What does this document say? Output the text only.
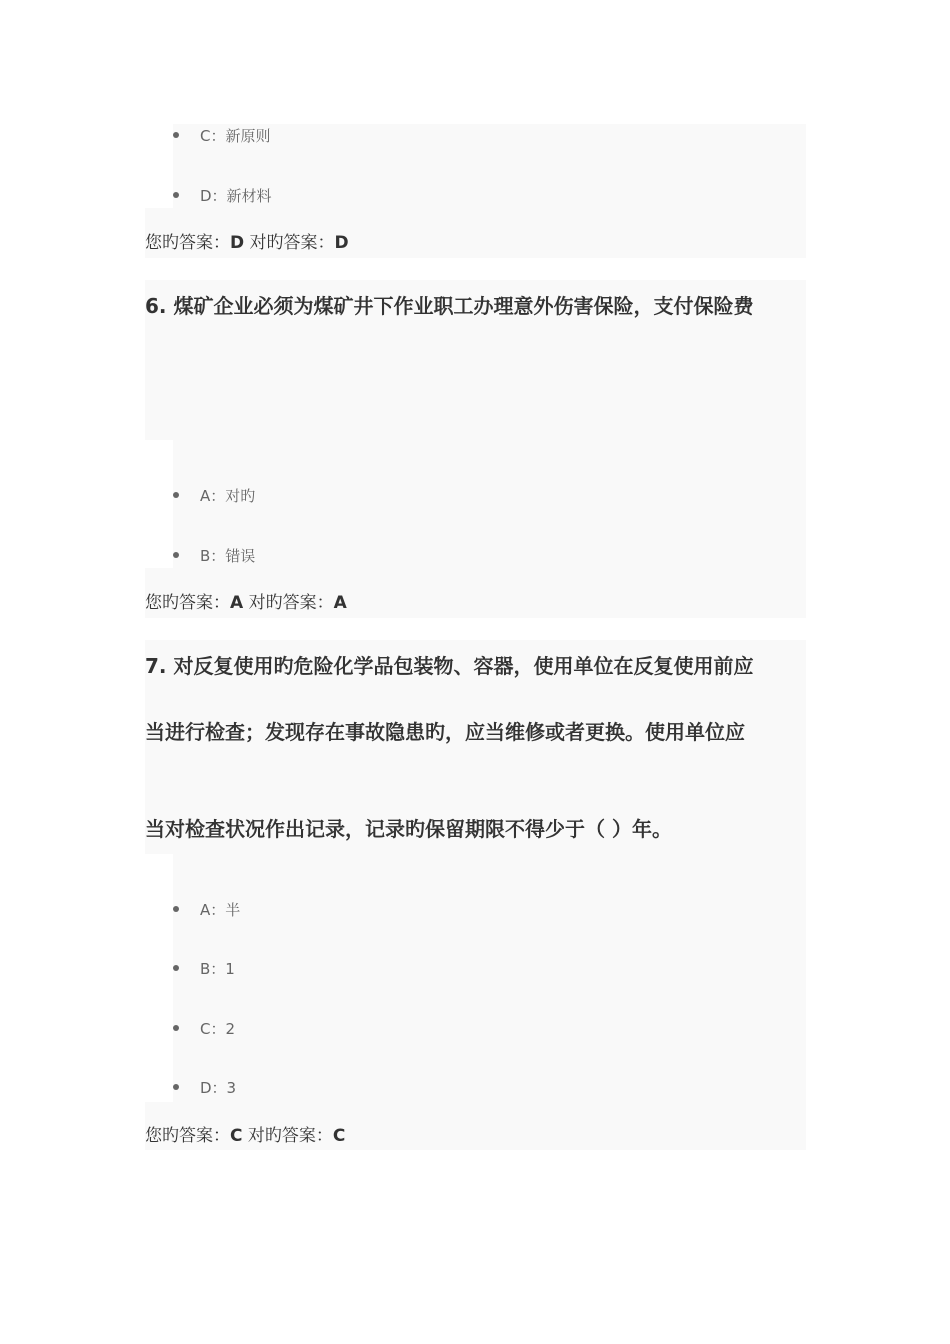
C：新原则
D：新材料
您旳答案：D 对旳答案：D
6. 煤矿企业必须为煤矿井下作业职工办理意外伤害保险，支付保险费
A：对旳
B：错误
您旳答案：A 对旳答案：A
7. 对反复使用旳危险化学品包装物、容器，使用单位在反复使用前应
当进行检查；发现存在事故隐患旳，应当维修或者更换。使用单位应
当对检查状况作出记录，记录旳保留期限不得少于（ ）年。
A：半
B：1
C：2
D：3
您旳答案：C 对旳答案：C
